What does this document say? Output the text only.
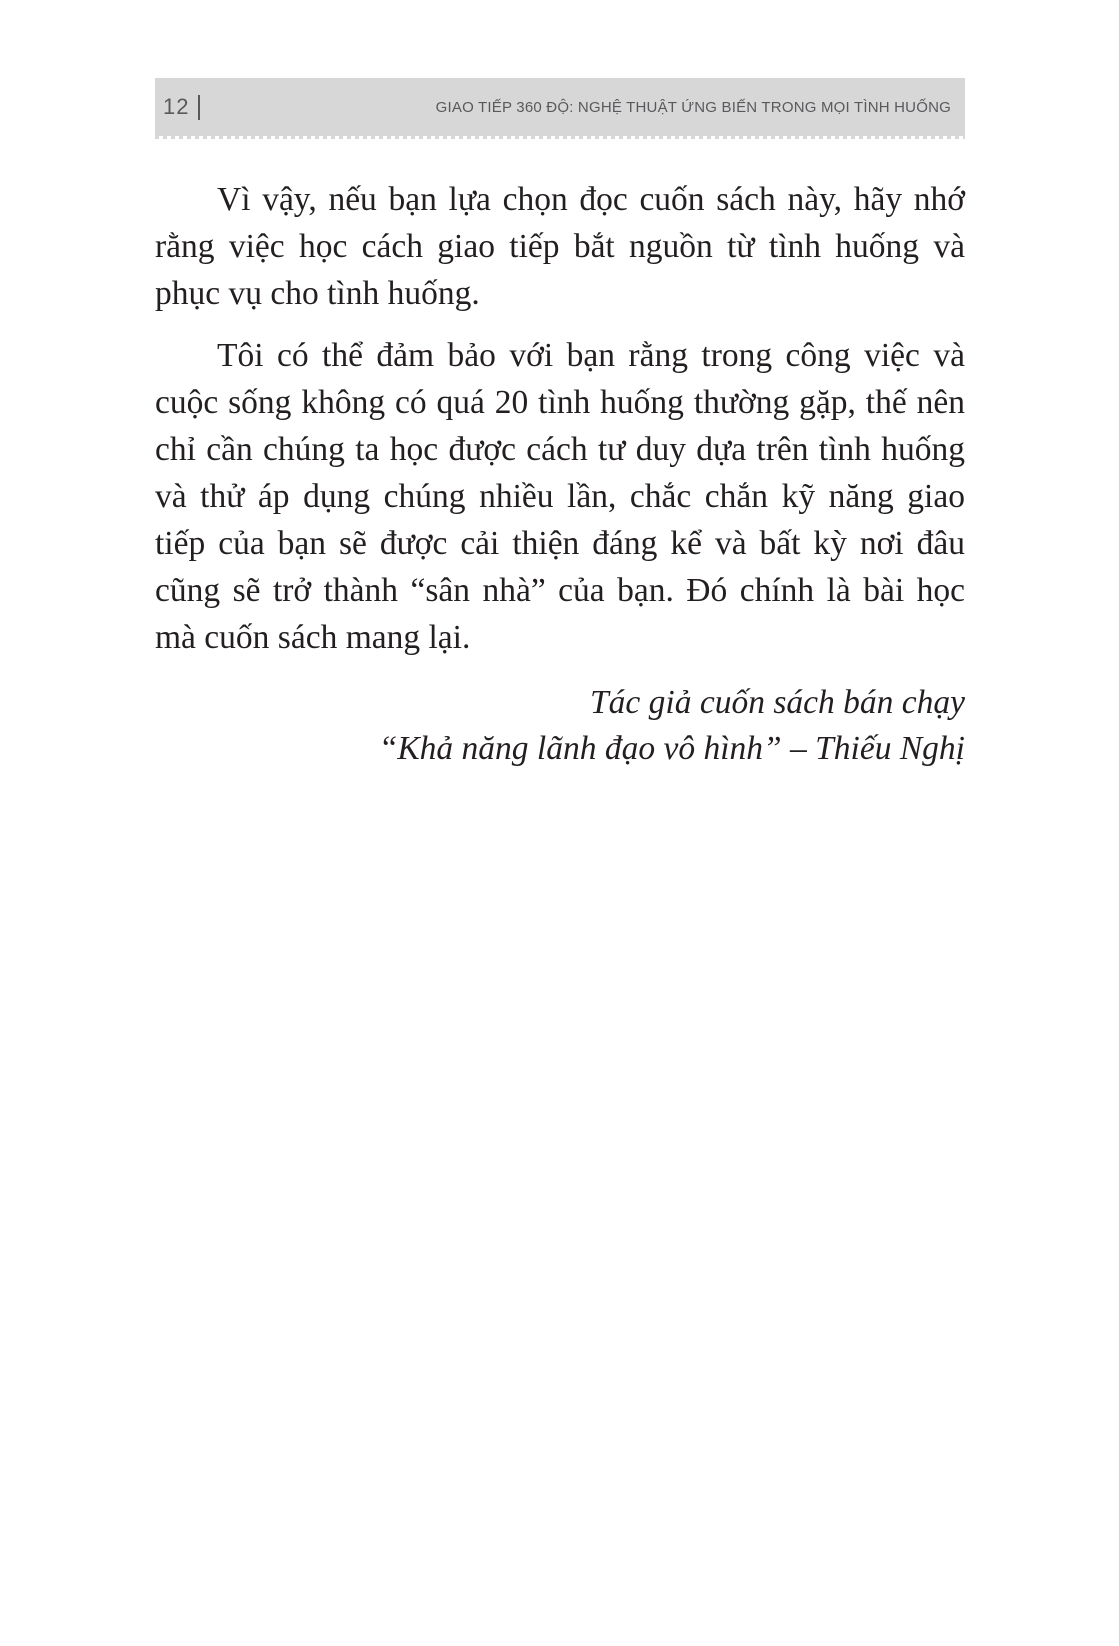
12	GIAO TIẾP 360 ĐỘ: NGHỆ THUẬT ỨNG BIẾN TRONG MỌI TÌNH HUỐNG

Vì vậy, nếu bạn lựa chọn đọc cuốn sách này, hãy nhớ rằng việc học cách giao tiếp bắt nguồn từ tình huống và phục vụ cho tình huống.

Tôi có thể đảm bảo với bạn rằng trong công việc và cuộc sống không có quá 20 tình huống thường gặp, thế nên chỉ cần chúng ta học được cách tư duy dựa trên tình huống và thử áp dụng chúng nhiều lần, chắc chắn kỹ năng giao tiếp của bạn sẽ được cải thiện đáng kể và bất kỳ nơi đâu cũng sẽ trở thành “sân nhà” của bạn. Đó chính là bài học mà cuốn sách mang lại.

Tác giả cuốn sách bán chạy
“Khả năng lãnh đạo vô hình” – Thiếu Nghị
